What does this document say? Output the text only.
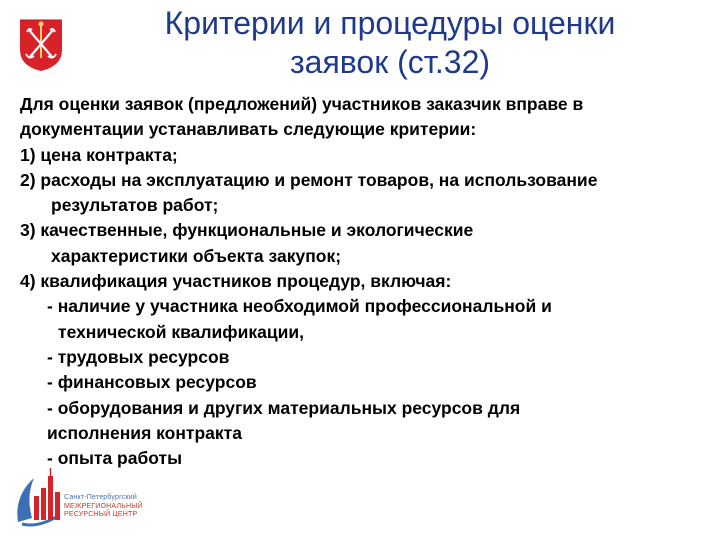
Критерии и процедуры оценки
заявок (ст.32)
Для оценки заявок (предложений) участников заказчик вправе в
документации устанавливать следующие критерии:
1) цена контракта;
2) расходы на эксплуатацию и ремонт товаров, на использование
результатов работ;
3) качественные, функциональные и экологические
характеристики объекта закупок;
4) квалификация участников процедур, включая:
- наличие у участника необходимой профессиональной и
технической квалификации,
- трудовых ресурсов
- финансовых ресурсов
- оборудования и других материальных ресурсов для
исполнения контракта
- опыта работы
Санкт-Петербургский
МЕЖРЕГИОНАЛЬНЫЙ
РЕСУРСНЫЙ ЦЕНТР
